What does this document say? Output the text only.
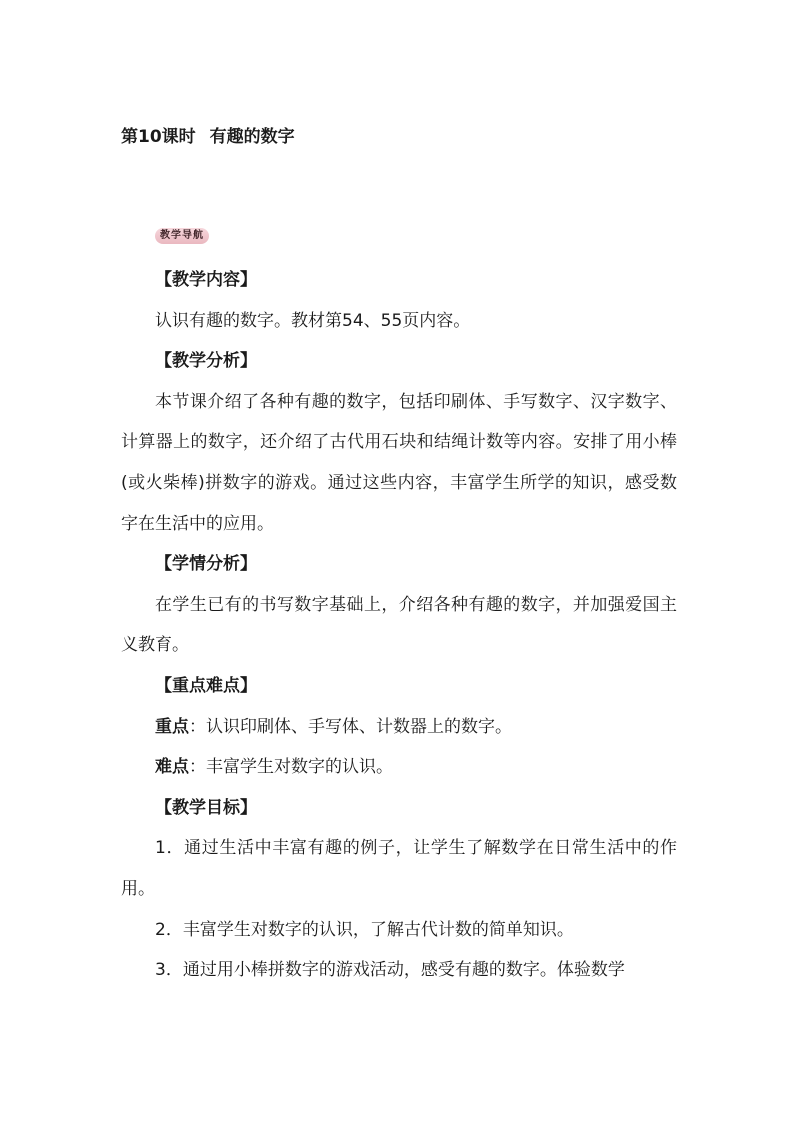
第10课时 有趣的数字
教学导航

【教学内容】

认识有趣的数字。教材第54、55页内容。

【教学分析】

本节课介绍了各种有趣的数字，包括印刷体、手写数字、汉字数字、计算器上的数字，还介绍了古代用石块和结绳计数等内容。安排了用小棒(或火柴棒)拼数字的游戏。通过这些内容，丰富学生所学的知识，感受数字在生活中的应用。

【学情分析】

在学生已有的书写数字基础上，介绍各种有趣的数字，并加强爱国主义教育。

【重点难点】

重点：认识印刷体、手写体、计数器上的数字。

难点：丰富学生对数字的认识。

【教学目标】

1．通过生活中丰富有趣的例子，让学生了解数学在日常生活中的作用。

2．丰富学生对数字的认识，了解古代计数的简单知识。

3．通过用小棒拼数字的游戏活动，感受有趣的数字。体验数学
